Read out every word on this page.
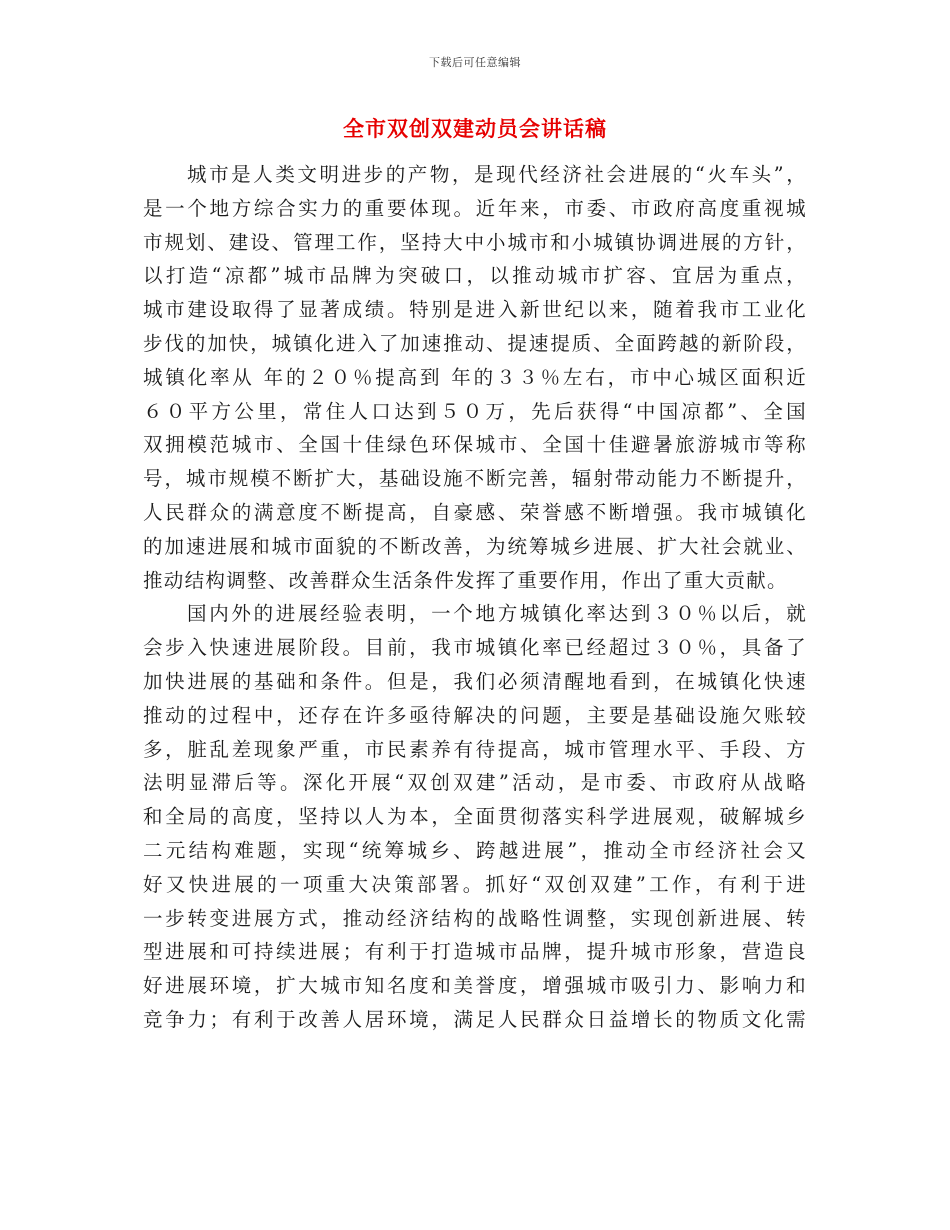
下载后可任意编辑
全市双创双建动员会讲话稿
城市是人类文明进步的产物，是现代经济社会进展的“火车头”，
是一个地方综合实力的重要体现。近年来，市委、市政府高度重视城
市规划、建设、管理工作，坚持大中小城市和小城镇协调进展的方针，
以打造“凉都”城市品牌为突破口，以推动城市扩容、宜居为重点，
城市建设取得了显著成绩。特别是进入新世纪以来，随着我市工业化
步伐的加快，城镇化进入了加速推动、提速提质、全面跨越的新阶段，
城镇化率从 年的２０％提高到 年的３３％左右，市中心城区面积近
６０平方公里，常住人口达到５０万，先后获得“中国凉都”、全国
双拥模范城市、全国十佳绿色环保城市、全国十佳避暑旅游城市等称
号，城市规模不断扩大，基础设施不断完善，辐射带动能力不断提升，
人民群众的满意度不断提高，自豪感、荣誉感不断增强。我市城镇化
的加速进展和城市面貌的不断改善，为统筹城乡进展、扩大社会就业、
推动结构调整、改善群众生活条件发挥了重要作用，作出了重大贡献。
国内外的进展经验表明，一个地方城镇化率达到３０％以后，就
会步入快速进展阶段。目前，我市城镇化率已经超过３０％，具备了
加快进展的基础和条件。但是，我们必须清醒地看到，在城镇化快速
推动的过程中，还存在许多亟待解决的问题，主要是基础设施欠账较
多，脏乱差现象严重，市民素养有待提高，城市管理水平、手段、方
法明显滞后等。深化开展“双创双建”活动，是市委、市政府从战略
和全局的高度，坚持以人为本，全面贯彻落实科学进展观，破解城乡
二元结构难题，实现“统筹城乡、跨越进展”，推动全市经济社会又
好又快进展的一项重大决策部署。抓好“双创双建”工作，有利于进
一步转变进展方式，推动经济结构的战略性调整，实现创新进展、转
型进展和可持续进展；有利于打造城市品牌，提升城市形象，营造良
好进展环境，扩大城市知名度和美誉度，增强城市吸引力、影响力和
竞争力；有利于改善人居环境，满足人民群众日益增长的物质文化需
